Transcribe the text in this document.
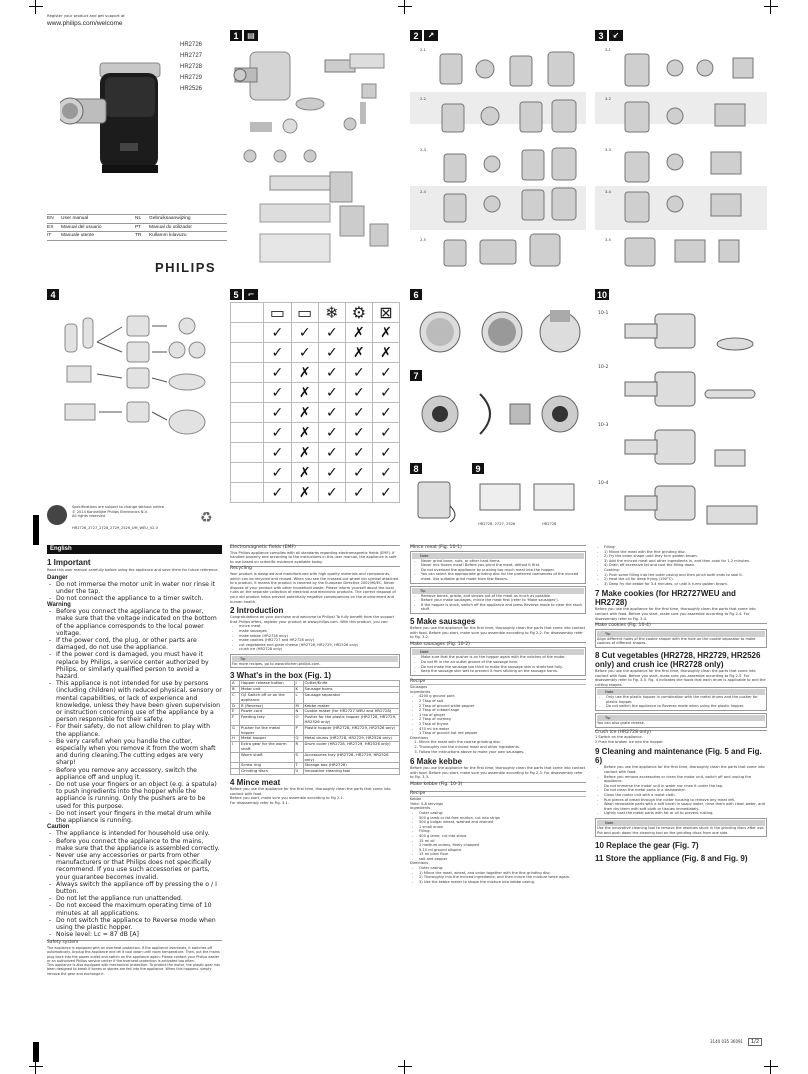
Register your product and get support at
www.philips.com/welcome
HR2726
HR2727
HR2728
HR2729
HR2526
EN	User manual	NL	Gebruiksaanwijzing
ES	Manual del usuario	PT	Manual do utilizador
IT	Manuale utente	TR	Kullanım kılavuzu
PHILIPS
1	▤	2	↗
2-1
2-2
2-3
2-4
2-5
3	↙
3-1
3-2
3-3
3-4
3-5
4	5	⌐
	▭	▭	❄	⚙	⊠
	✓	✓	✓	✗	✗
	✓	✓	✓	✗	✗
	✓	✗	✓	✓	✓
	✓	✗	✓	✓	✓
	✓	✗	✓	✓	✓
	✓	✗	✓	✓	✓
	✓	✗	✓	✓	✓
	✓	✗	✓	✓	✓
	✓	✗	✓	✓	✓
6
7
8	9
HR2726, 2727, 2526	HR2728
10
10-1
10-2
10-3
10-4
Specifications are subject to change without notice
© 2014 Koninklijke Philips Electronics N.V.
All rights reserved.	♻
HR2726_2727_2728_2729_2526_UM_WEU_V2.0
English
1 Important
Read this user manual carefully before using the appliance and save them for future reference.
Danger
- Do not immerse the motor unit in water nor rinse it under the tap.
- Do not connect the appliance to a timer switch.
Warning
- Before you connect the appliance to the power, make sure that the voltage indicated on the bottom of the appliance corresponds to the local power voltage.
- If the power cord, the plug, or other parts are damaged, do not use the appliance.
- If the power cord is damaged, you must have it replace by Philips, a service center authorized by Philips, or similarly qualified person to avoid a hazard.
- This appliance is not intended for use by persons (including children) with reduced physical, sensory or mental capabilities, or lack of experience and knowledge, unless they have been given supervision or instruction concerning use of the appliance by a person responsible for their safety.
- For their safety, do not allow children to play with the appliance.
- Be very careful when you handle the cutter, especially when you remove it from the worm shaft and during cleaning.The cutting edges are very sharp!
- Before you remove any accessory, switch the appliance off and unplug it.
- Do not use your fingers or an object (e.g. a spatula) to push ingredients into the hopper while the appliance is running. Only the pushers are to be used for this purpose.
- Do not insert your fingers in the metal drum while the appliance is running.
Caution
- The appliance is intended for household use only.
- Before you connect the appliance to the mains, make sure that the appliance is assembled correctly.
- Never use any accessories or parts from other manufacturers or that Philips does not specifically recommend. If you use such accessories or parts, your guarantee becomes invalid.
- Always switch the appliance off by pressing the o / I button.
- Do not let the appliance run unattended.
- Do not exceed the maximum operating time of 10 minutes at all applications.
- Do not switch the appliance to Reverse mode when using the plastic hopper.
- Noise level: Lc = 87 dB [A]
Safety system
The appliance is equipped with an overheat protection. If the appliance overheats, it switches off automatically. Unplug the appliance and let it cool down until room temperature. Then, put the mains plug back into the power outlet and switch on the appliance again. Please contact your Philips dealer or an authorized Philips service center if the overheat protection is activated too often.
This appliance is also equipped with mechanical protection. To protect the motor, the plastic gear has been designed to break if bones or stones are fed into the appliance. When this happens, simply remove the gear and exchange it.
Electromagnetic fields (EMF)
This Philips appliance complies with all standards regarding electromagnetic fields (EMF). If handled properly and according to the instructions in this user manual, the appliance is safe to use based on scientific evidence available today.
Recycling
Your product is designed and manufactured with high quality materials and components, which can be recycled and reused. When you see the crossed-out wheel bin symbol attached to a product, it means the product is covered by the European Directive 2002/96/EC. Never dispose of your product with other household waste. Please inform yourself about the local rules on the separate collection of electrical and electronic products. The correct disposal of your old product helps prevent potentially negative consequences on the environment and human health.
2 Introduction
Congratulations on your purchase and welcome to Philips! To fully benefit from the support that Philips offers, register your product at www.philips.com. With this product, you can:
- mince meat
- make sausages
- make kebbe (HR2728 only)
- make cookies (HR2727 and HR2728 only)
- cut vegetables and grate cheese (HR2728, HR2729, HR2526 only)
- crush ice (HR2728 only)
Tip
For more recipes, go to www.kitchen.philips.com.
3 What's in the box (Fig. 1)
A	Hopper release button	J	Cutter/Knife
B	Motor unit	K	Sausage horns
C	O/I Switch off or on the appliance	L	Sausage separator
D	R (Reverse)	M	Kebbe maker
E	Power cord	N	Cookie maker (for HR2727 WEU and HR2728)
F	Feeding tray	O	Pusher for the plastic hopper (HR2728, HR2729, HR2526 only)
G	Pusher for the metal hopper	P	Plastic hopper (HR2728, HR2729, HR2526 only)
H	Metal hopper	Q	Metal drums (HR2728, HR2729, HR2526 only)
I	Extra gear for the worm shaft	R	Drum cover (HR2728, HR2729, HR2526 only)
	Worm shaft	S	Accessories tray (HR2728, HR2729, HR2526 only)
	Screw ring	T	Storage box (HR2728)
	Grinding discs	U	Innovative cleaning tool
4 Mince meat
Before you use the appliance for the first time, thoroughly clean the parts that come into contact with food.
Before you start, make sure you assemble according to Fig 2-1.
For disassembly refer to Fig. 3-1.
Mince meat (Fig. 10-1)
Note
- Never grind bone, nuts, or other hard items.
- Never mix frozen meat! Before you grind the meat, defrost it first.
- Do not overload the appliance by pushing too much meat into the hopper.
- You can select the appropriate grinding disc for the preferred coarseness of the minced meat. Use suitable grind mode from few flavors.
Tip
- Remove bones, gristle, and sinews out of the meat as much as possible.
- Before your make sausages, mince the meat first (refer to 'Make sausages').
- If the hopper is stuck, switch off the appliance and press Reverse mode to clear the stuck stuff.
5 Make sausages
Before you use the appliance for the first time, thoroughly clean the parts that come into contact with food. Before you start, make sure you assemble according to Fig 2-2. For disassembly refer to Fig. 3-2.
Make sausages (Fig. 10-2)
Note
- Make sure that the pusher is on the hopper again with the notches of the motor.
- Do not fit in the air outlet groove of the sausage horn.
- Do not make the sausage too thick to make the sausage skin is stretched fully.
- Keep the sausage skin wet to prevent it from sticking on the sausage horns.
Recipe
Sausages
Ingredients
- 4200 g ground pork
- 2 Tbsp of salt
- 2 Tbsp of ground white pepper
- 2 Tbsp of rubbed sage
- 1 tsp of ginger
- 2 Tbsp of nutmeg
- 2 Tbsp of thyme
- 470 ml ice water
- 1 Tbsp of ground hot red pepper
Directions
1. Mince the meat with the coarse grinding disc.
2. Thoroughly mix the minced meat and other ingredients.
3. Follow the instructions above to make your own sausages.
6 Make kebbe
Before you use the appliance for the first time, thoroughly clean the parts that come into contact with food. Before you start, make sure you assemble according to Fig 2-3. For disassembly refer to Fig. 3-3.
Make kebbe (Fig. 10-3)
Recipe
Kebbe
Yield: 5-8 servings
Ingredients
- Outer casing:
- 500 g lamb or fat-free mutton, cut into strips
- 500 g bulgar wheat, washed and drained
- 1 small onion
- Filling:
- 400 g lamb, cut into strips
- 15 ml oil
- 2 medium onions, finely chopped
- 5-10 ml ground allspice
- 15 ml plain flour
- salt and pepper
Directions
- Outer casing:
- 1) Mince the meat, wheat, and onion together with the fine grinding disc.
- 2) Thoroughly mix the minced ingredients, and then mince the mixture twice again.
- 3) Use the kebbe maker to shape the mixture into kebbe casing.
- Filling:
- 1) Mince the meat with the fine grinding disc.
- 2) Fry the onion shape until they turn golden brown.
- 3) Add the minced meat and other ingredients in, and then cook for 1-2 minutes.
- 4) Drain off excessive fat and cool the filling down.
- Cooking:
- 1) Push some filling into the outer casing and then pinch both ends to seal it.
- 2) Heat the oil for deep frying (190°C).
- 3) Deep fry the kebbe for 3-4 minutes, or until it turns golden brown.
7 Make cookies (for HR2727WEU and HR2728)
Before you use the appliance for the first time, thoroughly clean the parts that come into contact with food. Before you start, make sure you assemble according to Fig 2-4. For disassembly refer to Fig. 3-4.
Make cookies (Fig. 10-4)
Tip
Align different holes of the cookie shaper with the hole on the cookie separator to make cookies of different shapes.
8 Cut vegetables (HR2728, HR2729, HR2526 only) and crush ice (HR2728 only)
Before you use the appliance for the first time, thoroughly clean the parts that come into contact with food. Before you start, make sure you assemble according to Fig 2-5. For disassembly refer to Fig. 3-5. Fig. 4 indicates the foods that each drum is applicable to and the cutting shapes.
Note
- Only use the plastic hopper in combination with the metal drums and the pusher for plastic hopper.
- Do not switch the appliance to Reverse mode when using the plastic hopper.
Tip
You can also grate cheese.
Crush ice (HR2728 only)
1 Switch on the appliance.
2 Push the broken ice into the hopper.
9 Cleaning and maintenance (Fig. 5 and Fig. 6)
- Before you use the appliance for the first time, thoroughly clean the parts that come into contact with food.
- Before you remove accessories or clean the motor unit, switch off and unplug the appliance.
- Do not immerse the motor unit in water nor rinse it under the tap.
- Do not clean the metal parts in a dishwasher.
- Clean the motor unit with a moist cloth.
- Run pieces of bread through the cutter housing to remove any meat left.
- Wash removable parts with a soft brush in soapy water, rinse them with clean water, and then dry them with soft cloth or tissues immediately.
- Lightly coat the metal parts with fat or oil to prevent rusting.
Note
Use the innovative cleaning tool to remove the residues stuck in the grinding discs after use. Put and push down the cleaning tool on the grinding discs from one side.
10 Replace the gear (Fig. 7)
11 Store the appliance (Fig. 8 and Fig. 9)
3140 035 36091	1/2
